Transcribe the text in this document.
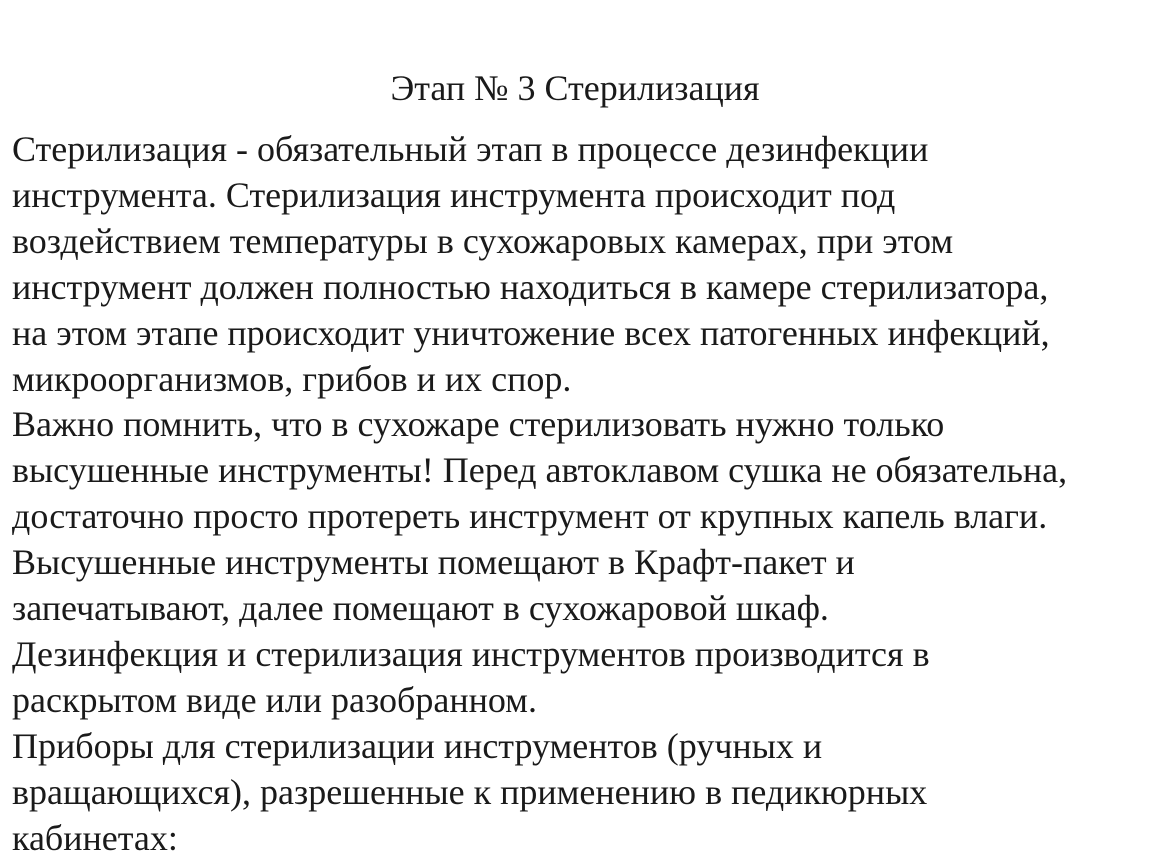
Этап № 3 Стерилизация
Стерилизация - обязательный этап в процессе дезинфекции
инструмента. Стерилизация инструмента происходит под
воздействием температуры в сухожаровых камерах, при этом
инструмент должен полностью находиться в камере стерилизатора,
на этом этапе происходит уничтожение всех патогенных инфекций,
микроорганизмов, грибов и их спор.
Важно помнить, что в сухожаре стерилизовать нужно только
высушенные инструменты! Перед автоклавом сушка не обязательна,
достаточно просто протереть инструмент от крупных капель влаги.
Высушенные инструменты помещают в Крафт-пакет и
запечатывают, далее помещают в сухожаровой шкаф.
Дезинфекция и стерилизация инструментов производится в
раскрытом виде или разобранном.
Приборы для стерилизации инструментов (ручных и
вращающихся), разрешенные к применению в педикюрных
кабинетах:
